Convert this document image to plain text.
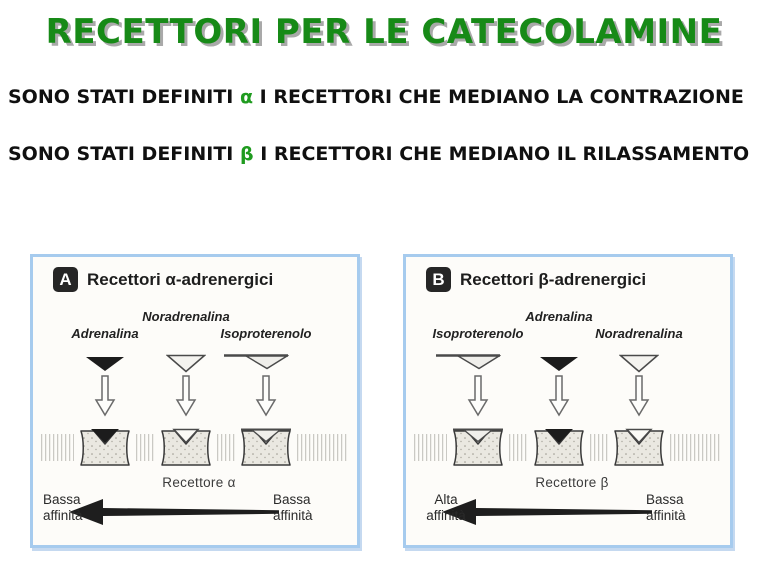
RECETTORI PER LE CATECOLAMINE
SONO STATI DEFINITI α I RECETTORI CHE MEDIANO LA CONTRAZIONE
SONO STATI DEFINITI β I RECETTORI CHE MEDIANO IL RILASSAMENTO
A Recettori α-adrenergici
Adrenalina
Noradrenalina
Isoproterenolo
Recettore α
Bassa affinità
Bassa affinità
B Recettori β-adrenergici
Isoproterenolo
Adrenalina
Noradrenalina
Recettore β
Alta affinità
Bassa affinità
